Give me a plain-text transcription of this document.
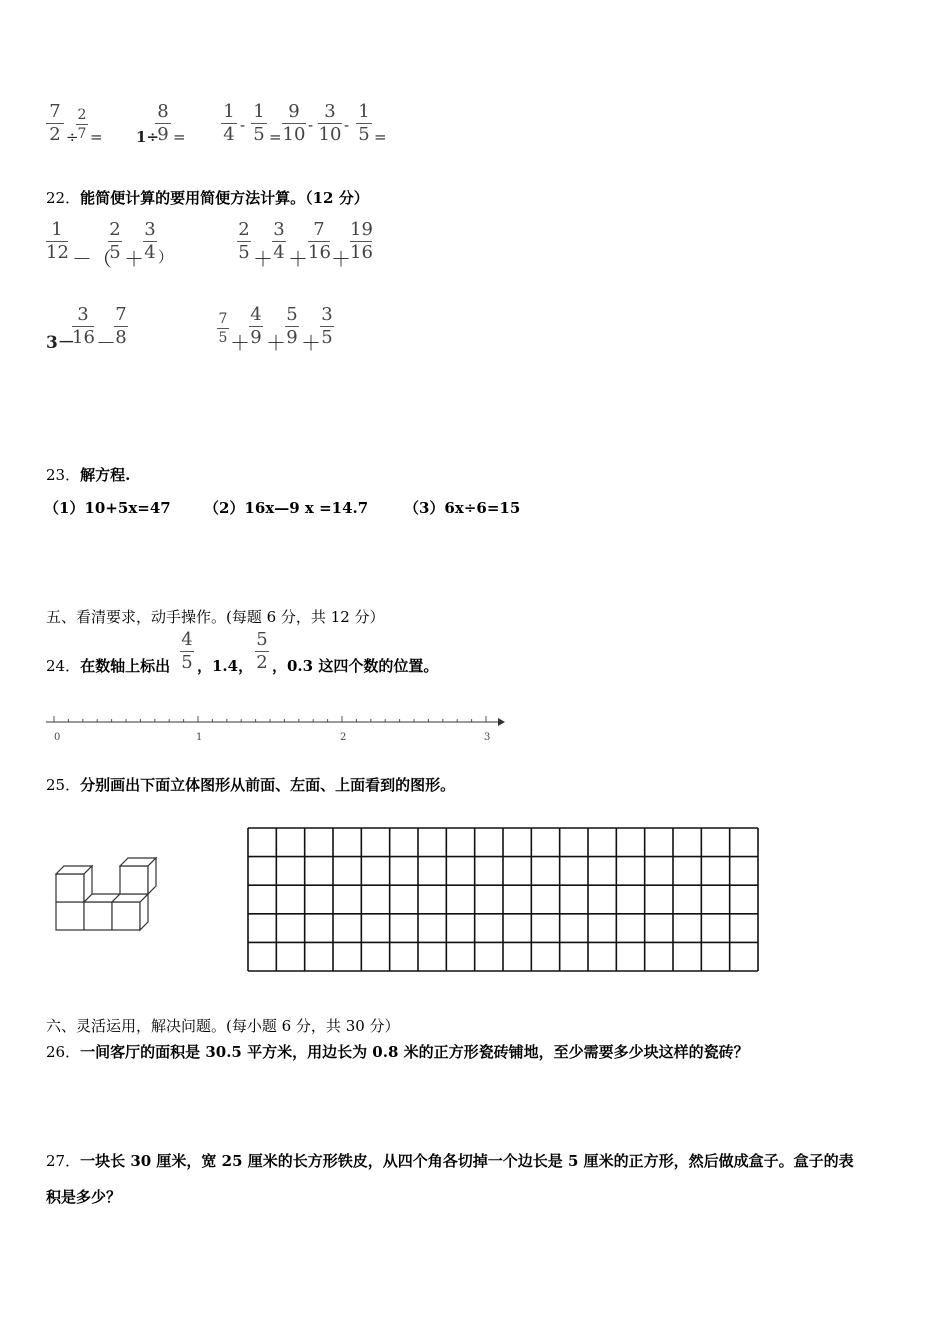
7
2 ÷
2
7 = 1÷
8
9 =
1
4 -
1
5 =
9
10 -
3
10 -
1
5 =
22．能简便计算的要用简便方法计算。（12 分）
1
12 －（
2
5 ＋
3
4 ）
2
5 ＋
3
4 ＋
7
16 ＋
19
16
3－
3
16 －
7
8
7
5 ＋
4
9 ＋
5
9 ＋
3
5
23．解方程.
（1）10+5x=47 （2）16x—9 x =14.7 （3）6x÷6=15
五、看清要求，动手操作。(每题 6 分，共 12 分）
24．在数轴上标出
4
5 ，1.4，
5
2 ，0.3 这四个数的位置。
0	1	2	3
25．分别画出下面立体图形从前面、左面、上面看到的图形。
六、灵活运用，解决问题。(每小题 6 分，共 30 分）
26．一间客厅的面积是 30.5 平方米，用边长为 0.8 米的正方形瓷砖铺地，至少需要多少块这样的瓷砖？
27．一块长 30 厘米，宽 25 厘米的长方形铁皮，从四个角各切掉一个边长是 5 厘米的正方形，然后做成盒子。盒子的表
积是多少？
